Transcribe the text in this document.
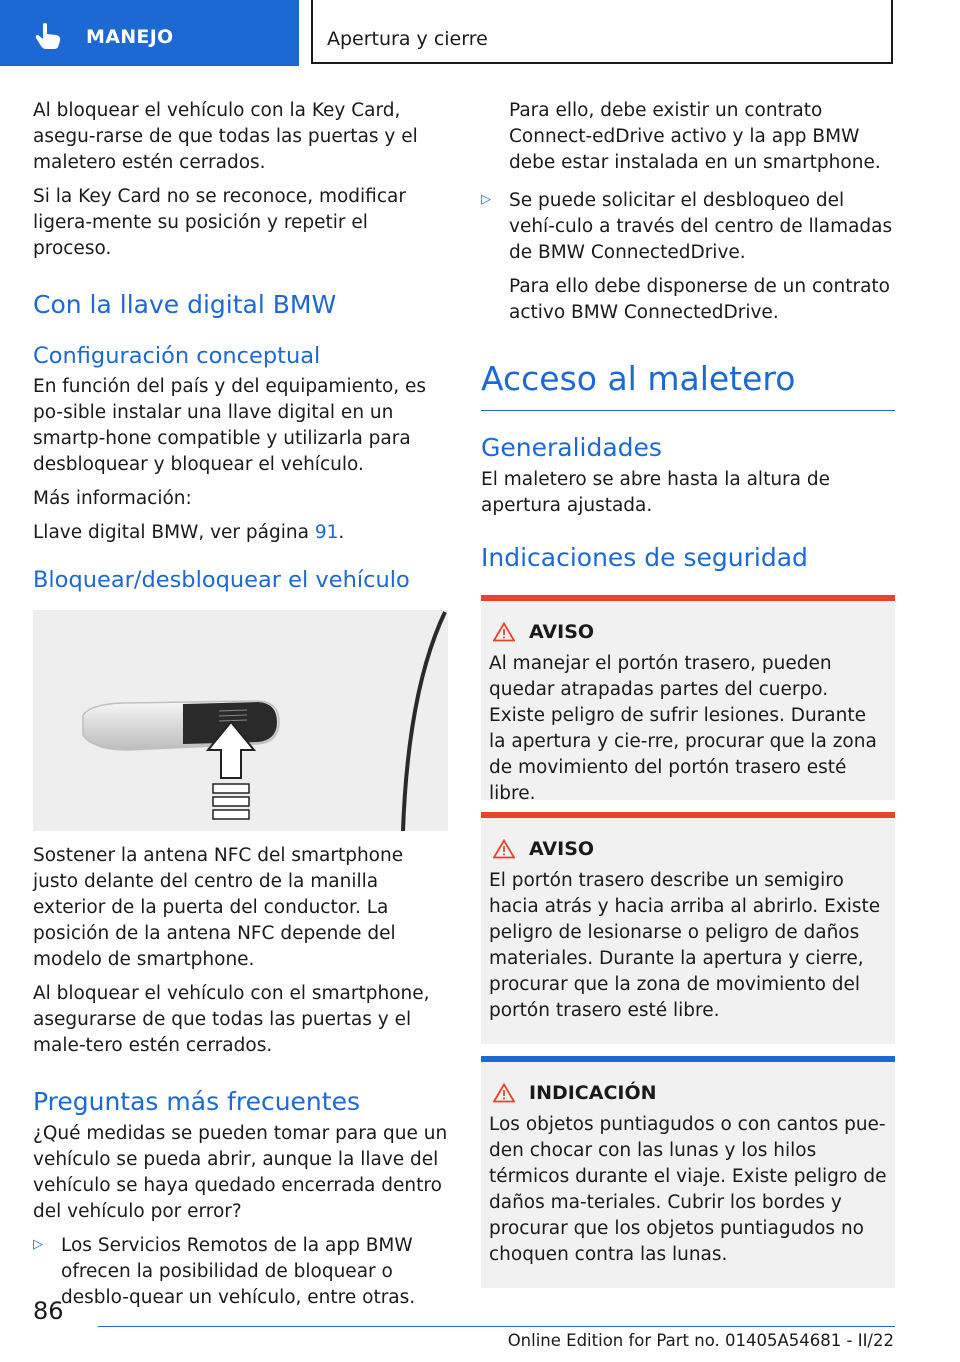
MANEJO	Apertura y cierre

Al bloquear el vehículo con la Key Card, asegu-rarse de que todas las puertas y el maletero estén cerrados.

Si la Key Card no se reconoce, modificar ligera-mente su posición y repetir el proceso.

Con la llave digital BMW
Configuración conceptual

En función del país y del equipamiento, es po-sible instalar una llave digital en un smartp-hone compatible y utilizarla para desbloquear y bloquear el vehículo.

Más información:

Llave digital BMW, ver página 91.

Bloquear/desbloquear el vehículo

Sostener la antena NFC del smartphone justo delante del centro de la manilla exterior de la puerta del conductor. La posición de la antena NFC depende del modelo de smartphone.

Al bloquear el vehículo con el smartphone, asegurarse de que todas las puertas y el male-tero estén cerrados.

Preguntas más frecuentes

¿Qué medidas se pueden tomar para que un vehículo se pueda abrir, aunque la llave del vehículo se haya quedado encerrada dentro del vehículo por error?

▷ Los Servicios Remotos de la app BMW ofrecen la posibilidad de bloquear o desblo-quear un vehículo, entre otras.

Para ello, debe existir un contrato Connect-edDrive activo y la app BMW debe estar instalada en un smartphone.

▷ Se puede solicitar el desbloqueo del vehí-culo a través del centro de llamadas de BMW ConnectedDrive.

Para ello debe disponerse de un contrato activo BMW ConnectedDrive.

Acceso al maletero
Generalidades

El maletero se abre hasta la altura de apertura ajustada.

Indicaciones de seguridad
AVISO

Al manejar el portón trasero, pueden quedar atrapadas partes del cuerpo. Existe peligro de sufrir lesiones. Durante la apertura y cie-rre, procurar que la zona de movimiento del portón trasero esté libre.

AVISO

El portón trasero describe un semigiro hacia atrás y hacia arriba al abrirlo. Existe peligro de lesionarse o peligro de daños materiales. Durante la apertura y cierre, procurar que la zona de movimiento del portón trasero esté libre.

INDICACIÓN

Los objetos puntiagudos o con cantos pue-den chocar con las lunas y los hilos térmicos durante el viaje. Existe peligro de daños ma-teriales. Cubrir los bordes y procurar que los objetos puntiagudos no choquen contra las lunas.

86
Online Edition for Part no. 01405A54681 - II/22
